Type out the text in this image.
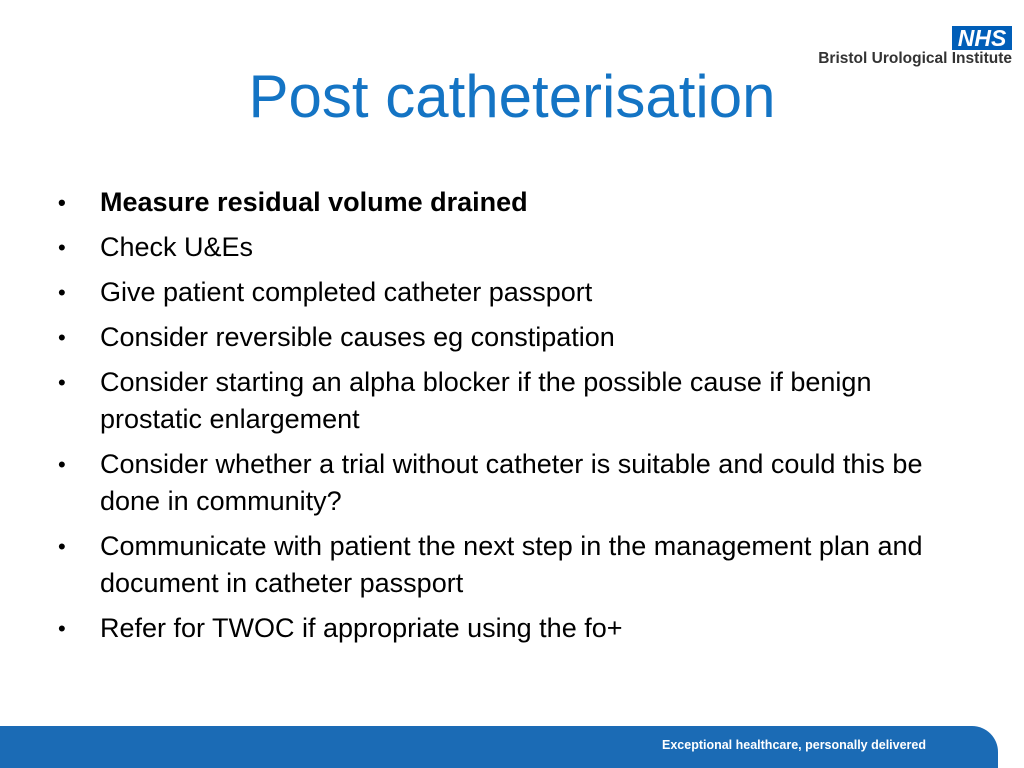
NHS
Bristol Urological Institute
Post catheterisation
• Measure residual volume drained
• Check U&Es
• Give patient completed catheter passport
• Consider reversible causes eg constipation
• Consider starting an alpha blocker if the possible cause if benign prostatic enlargement
• Consider whether a trial without catheter is suitable and could this be done in community?
• Communicate with patient the next step in the management plan and document in catheter passport
• Refer for TWOC if appropriate using the fo+
Exceptional healthcare, personally delivered
